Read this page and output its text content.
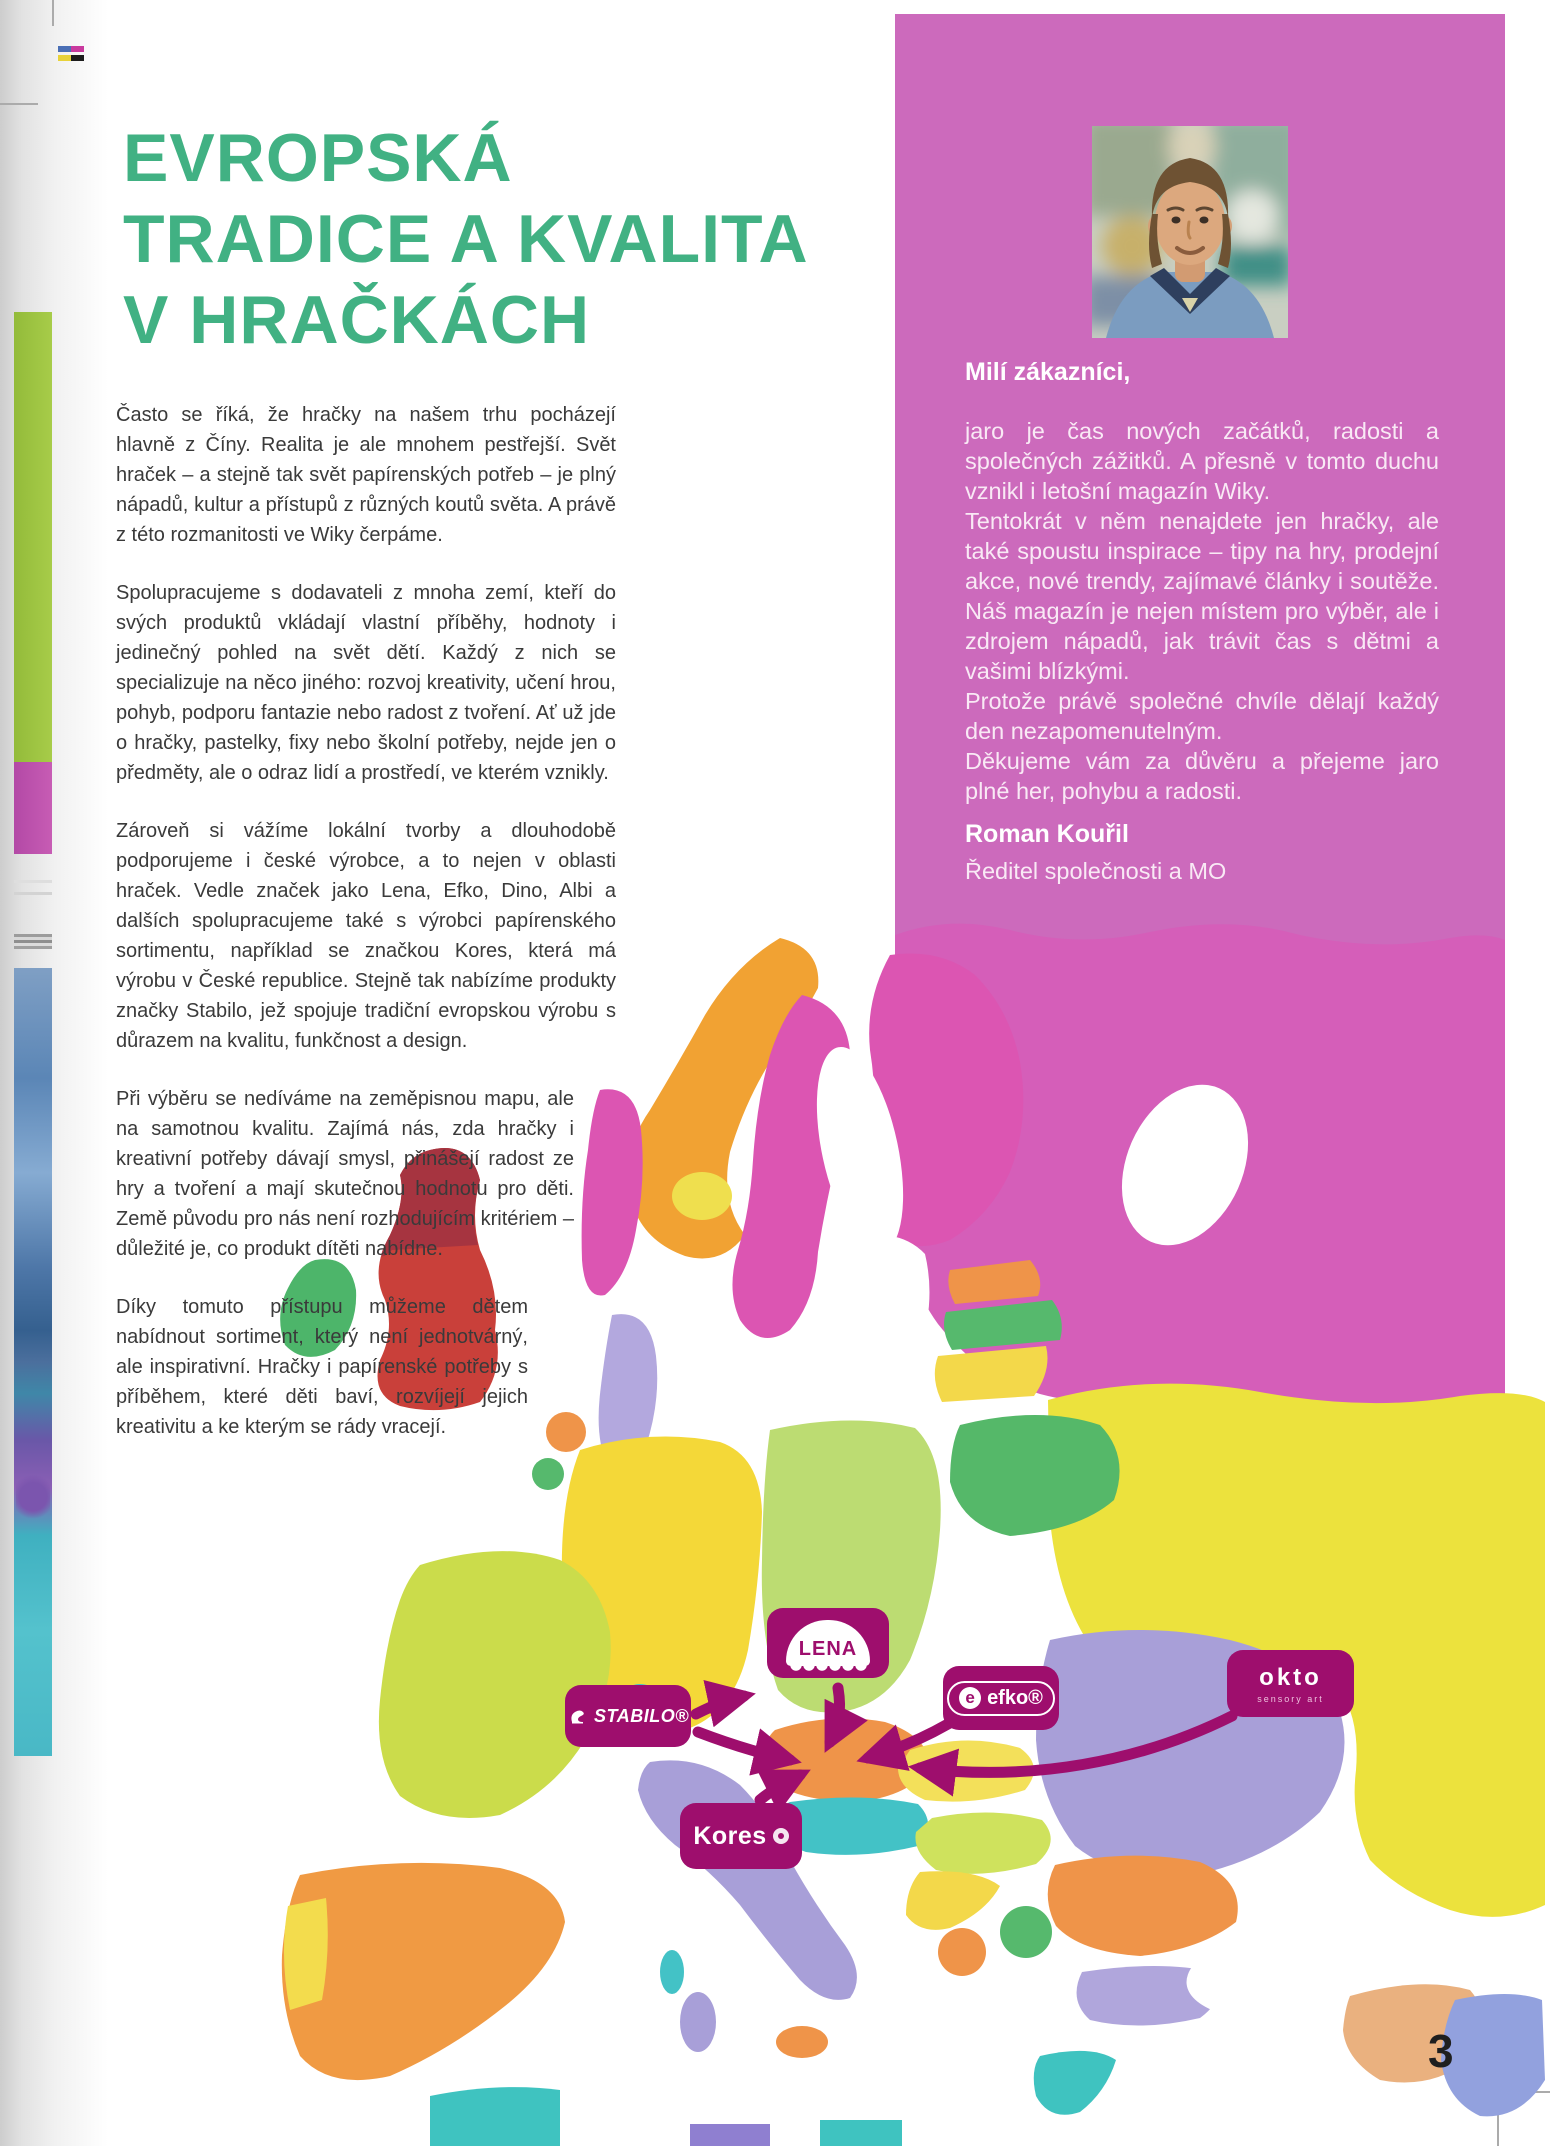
Milí zákazníci,

jaro je čas nových začátků, radosti a společných zážitků. A přesně v tomto duchu vznikl i letošní magazín Wiky.

Tentokrát v něm nenajdete jen hračky, ale také spoustu inspirace – tipy na hry, prodejní akce, nové trendy, zajímavé články i soutěže. Náš magazín je nejen místem pro výběr, ale i zdrojem nápadů, jak trávit čas s dětmi a vašimi blízkými.

Protože právě společné chvíle dělají každý den nezapomenutelným.

Děkujeme vám za důvěru a přejeme jaro plné her, pohybu a radosti.

Roman Kouřil
Ředitel společnosti a MO
STABILO®
LENA
e efko®
Kores
okto
sensory art
EVROPSKÁ
TRADICE A KVALITA
V HRAČKÁCH

Často se říká, že hračky na našem trhu pocházejí hlavně z Číny. Realita je ale mnohem pestřejší. Svět hraček – a stejně tak svět papírenských potřeb – je plný nápadů, kultur a přístupů z různých koutů světa. A právě z této rozmanitosti ve Wiky čerpáme.

Spolupracujeme s dodavateli z mnoha zemí, kteří do svých produktů vkládají vlastní příběhy, hodnoty i jedinečný pohled na svět dětí. Každý z nich se specializuje na něco jiného: rozvoj kreativity, učení hrou, pohyb, podporu fantazie nebo radost z tvoření. Ať už jde o hračky, pastelky, fixy nebo školní potřeby, nejde jen o předměty, ale o odraz lidí a prostředí, ve kterém vznikly.

Zároveň si vážíme lokální tvorby a dlouhodobě podporujeme i české výrobce, a to nejen v oblasti hraček. Vedle značek jako Lena, Efko, Dino, Albi a dalších spolupracujeme také s výrobci papírenského sortimentu, například se značkou Kores, která má výrobu v České republice. Stejně tak nabízíme produkty značky Stabilo, jež spojuje tradiční evropskou výrobu s důrazem na kvalitu, funkčnost a design.

Při výběru se nedíváme na zeměpisnou mapu, ale na samotnou kvalitu. Zajímá nás, zda hračky i kreativní potřeby dávají smysl, přinášejí radost ze hry a tvoření a mají skutečnou hodnotu pro děti. Země původu pro nás není rozhodujícím kritériem – důležité je, co produkt dítěti nabídne.

Díky tomuto přístupu můžeme dětem nabídnout sortiment, který není jednotvárný, ale inspirativní. Hračky i papírenské potřeby s příběhem, které děti baví, rozvíjejí jejich kreativitu a ke kterým se rády vracejí.

3
